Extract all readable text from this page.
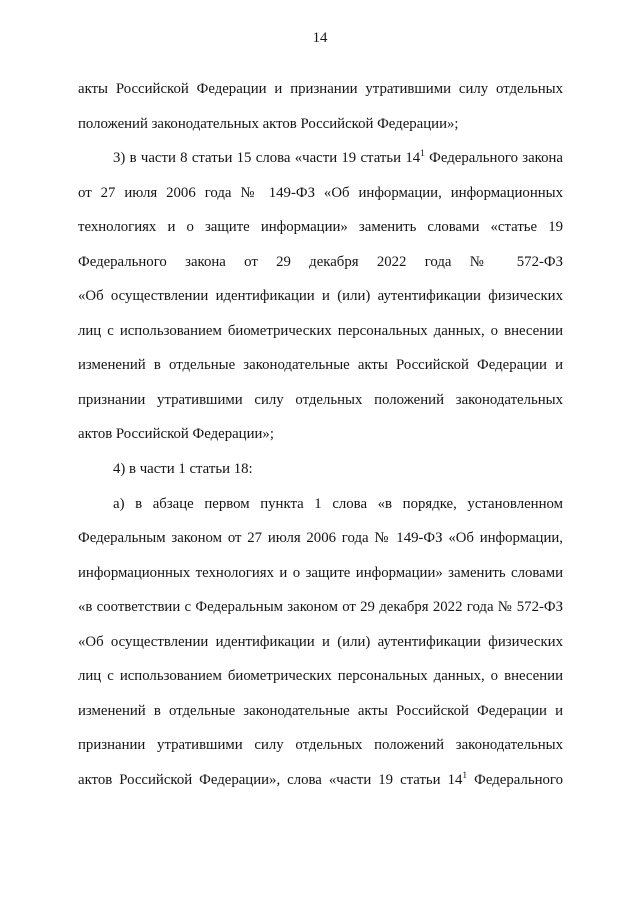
14
акты Российской Федерации и признании утратившими силу отдельных
положений законодательных актов Российской Федерации»;
3) в части 8 статьи 15 слова «части 19 статьи $14^1$ Федерального закона
от 27 июля 2006 года № 149-ФЗ «Об информации, информационных
технологиях и о защите информации» заменить словами «статье 19
Федерального закона от 29 декабря 2022 года № 572-ФЗ
«Об осуществлении идентификации и (или) аутентификации физических
лиц с использованием биометрических персональных данных, о внесении
изменений в отдельные законодательные акты Российской Федерации и
признании утратившими силу отдельных положений законодательных
актов Российской Федерации»;
4) в части 1 статьи 18:
а) в абзаце первом пункта 1 слова «в порядке, установленном
Федеральным законом от 27 июля 2006 года № 149-ФЗ «Об информации,
информационных технологиях и о защите информации» заменить словами
«в соответствии с Федеральным законом от 29 декабря 2022 года № 572-ФЗ
«Об осуществлении идентификации и (или) аутентификации физических
лиц с использованием биометрических персональных данных, о внесении
изменений в отдельные законодательные акты Российской Федерации и
признании утратившими силу отдельных положений законодательных
актов Российской Федерации», слова «части 19 статьи $14^1$ Федерального
